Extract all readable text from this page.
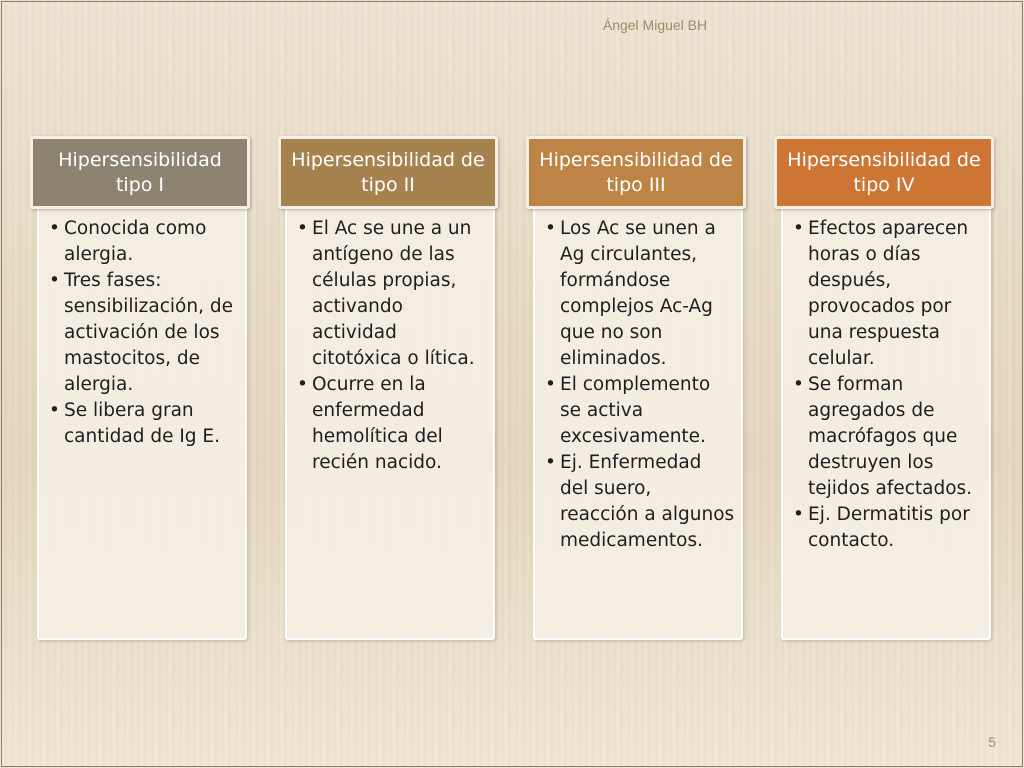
Ángel Miguel BH
• Conocida como alergia.
• Tres fases: sensibilización, de activación de los mastocitos, de alergia.
• Se libera gran cantidad de Ig E.
Hipersensibilidad tipo I
• El Ac se une a un antígeno de las células propias, activando actividad citotóxica o lítica.
• Ocurre en la enfermedad hemolítica del recién nacido.
Hipersensibilidad de tipo II
• Los Ac se unen a Ag circulantes, formándose complejos Ac-Ag que no son eliminados.
• El complemento se activa excesivamente.
• Ej. Enfermedad del suero, reacción a algunos medicamentos.
Hipersensibilidad de tipo III
• Efectos aparecen horas o días después, provocados por una respuesta celular.
• Se forman agregados de macrófagos que destruyen los tejidos afectados.
• Ej. Dermatitis por contacto.
Hipersensibilidad de tipo IV
5
